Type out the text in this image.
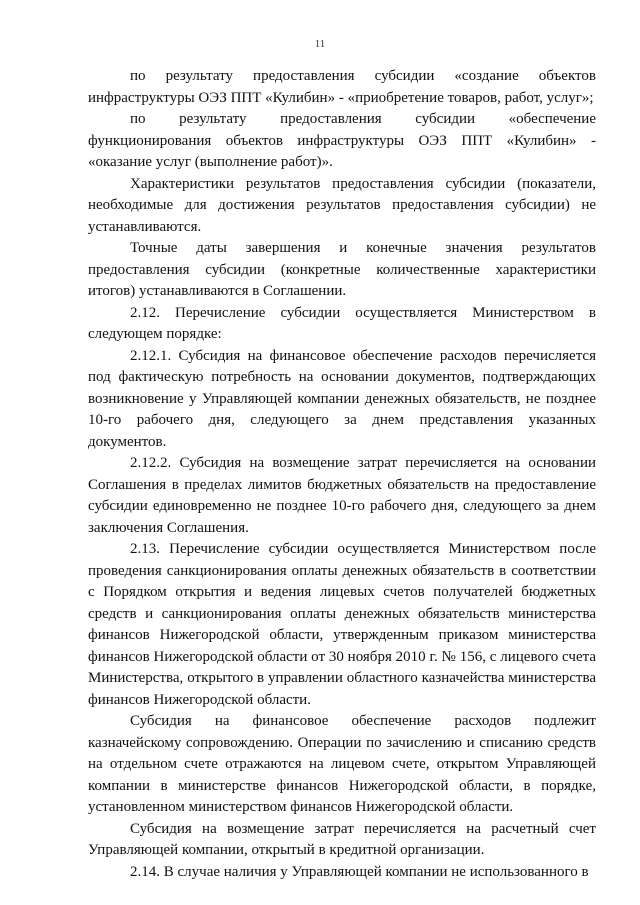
11

по результату предоставления субсидии «создание объектов инфраструктуры ОЭЗ ППТ «Кулибин» - «приобретение товаров, работ, услуг»;

по результату предоставления субсидии «обеспечение функционирования объектов инфраструктуры ОЭЗ ППТ «Кулибин» - «оказание услуг (выполнение работ)».

Характеристики результатов предоставления субсидии (показатели, необходимые для достижения результатов предоставления субсидии) не устанавливаются.

Точные даты завершения и конечные значения результатов предоставления субсидии (конкретные количественные характеристики итогов) устанавливаются в Соглашении.

2.12. Перечисление субсидии осуществляется Министерством в следующем порядке:

2.12.1. Субсидия на финансовое обеспечение расходов перечисляется под фактическую потребность на основании документов, подтверждающих возникновение у Управляющей компании денежных обязательств, не позднее 10-го рабочего дня, следующего за днем представления указанных документов.

2.12.2. Субсидия на возмещение затрат перечисляется на основании Соглашения в пределах лимитов бюджетных обязательств на предоставление субсидии единовременно не позднее 10-го рабочего дня, следующего за днем заключения Соглашения.

2.13. Перечисление субсидии осуществляется Министерством после проведения санкционирования оплаты денежных обязательств в соответствии с Порядком открытия и ведения лицевых счетов получателей бюджетных средств и санкционирования оплаты денежных обязательств министерства финансов Нижегородской области, утвержденным приказом министерства финансов Нижегородской области от 30 ноября 2010 г. № 156, с лицевого счета Министерства, открытого в управлении областного казначейства министерства финансов Нижегородской области.

Субсидия на финансовое обеспечение расходов подлежит казначейскому сопровождению. Операции по зачислению и списанию средств на отдельном счете отражаются на лицевом счете, открытом Управляющей компании в министерстве финансов Нижегородской области, в порядке, установленном министерством финансов Нижегородской области.

Субсидия на возмещение затрат перечисляется на расчетный счет Управляющей компании, открытый в кредитной организации.

2.14. В случае наличия у Управляющей компании не использованного в
